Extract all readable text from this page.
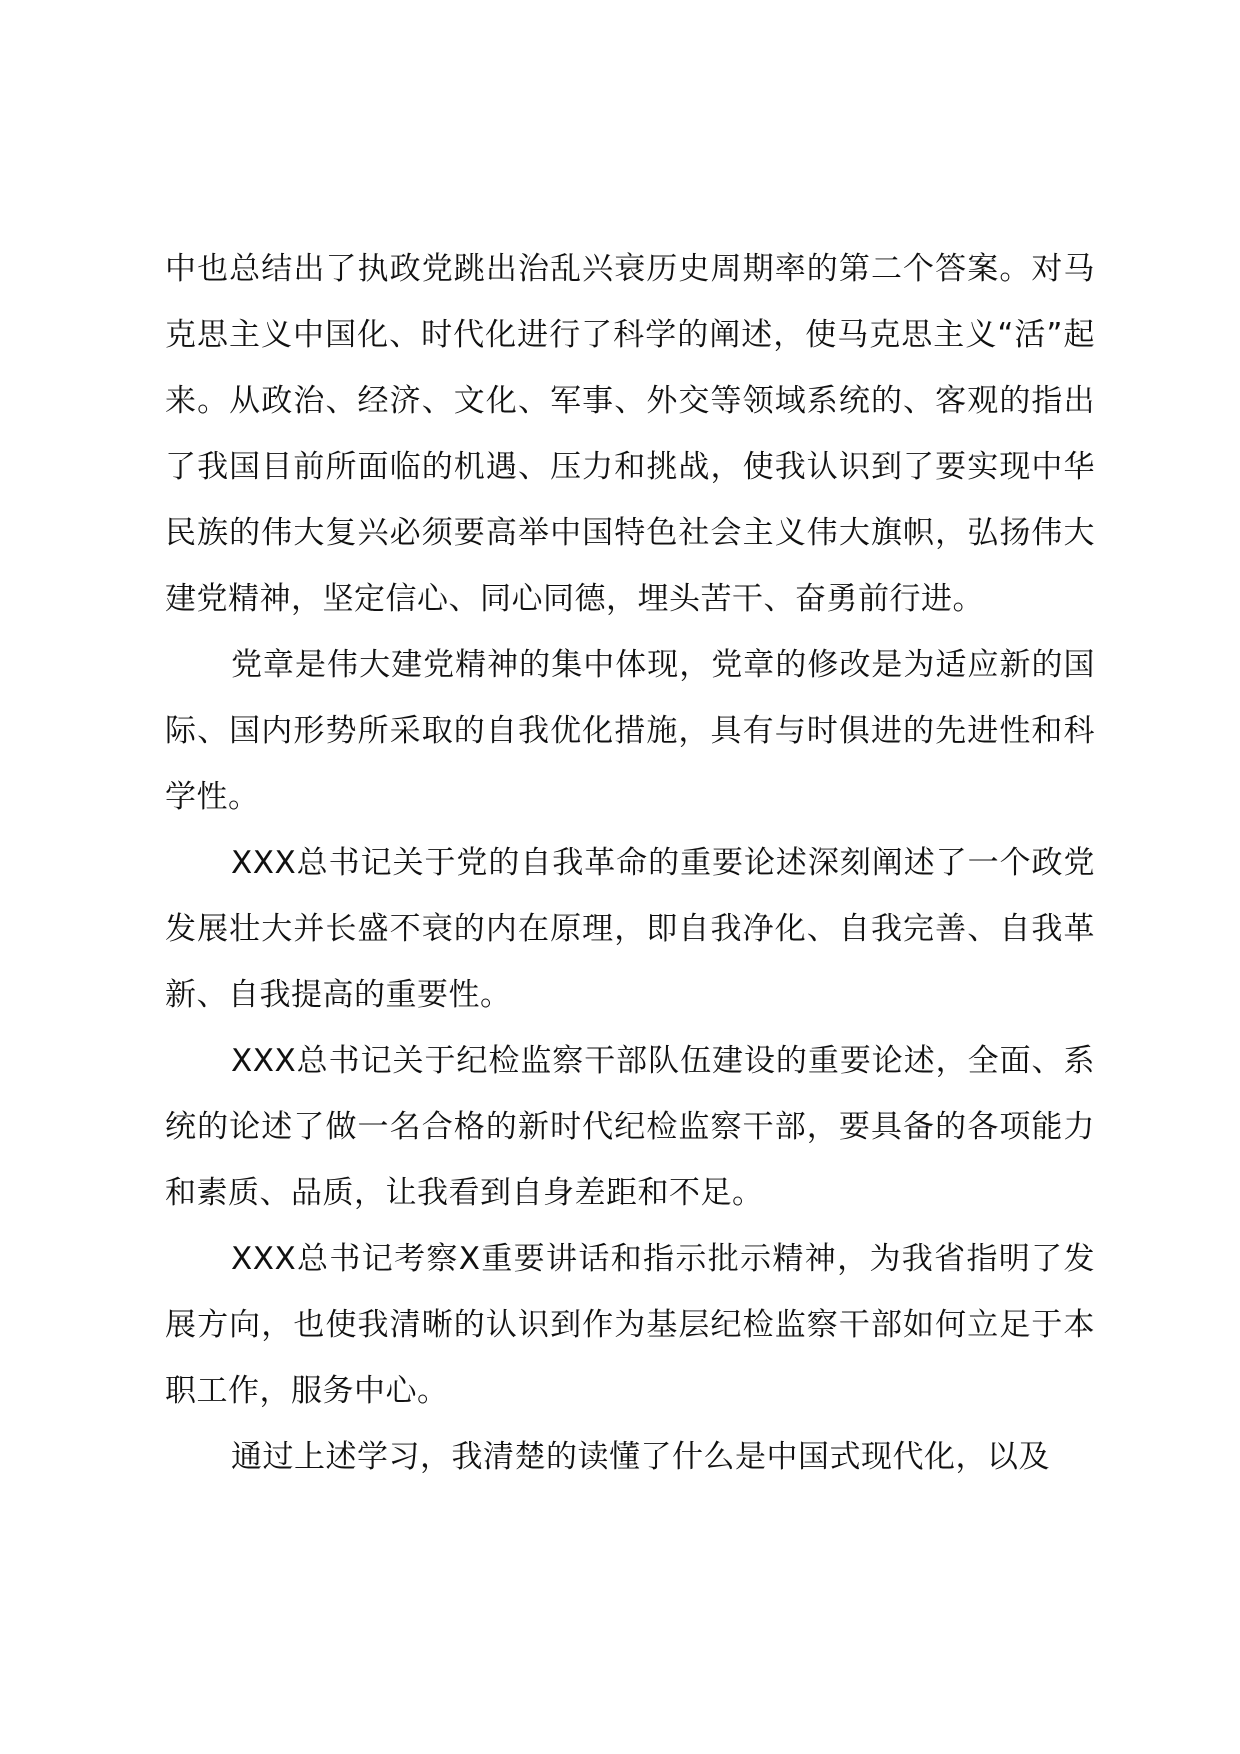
中也总结出了执政党跳出治乱兴衰历史周期率的第二个答案。对马克思主义中国化、时代化进行了科学的阐述，使马克思主义“活”起来。从政治、经济、文化、军事、外交等领域系统的、客观的指出了我国目前所面临的机遇、压力和挑战，使我认识到了要实现中华民族的伟大复兴必须要高举中国特色社会主义伟大旗帜，弘扬伟大建党精神，坚定信心、同心同德，埋头苦干、奋勇前行进。

党章是伟大建党精神的集中体现，党章的修改是为适应新的国际、国内形势所采取的自我优化措施，具有与时俱进的先进性和科学性。

XXX总书记关于党的自我革命的重要论述深刻阐述了一个政党发展壮大并长盛不衰的内在原理，即自我净化、自我完善、自我革新、自我提高的重要性。

XXX总书记关于纪检监察干部队伍建设的重要论述，全面、系统的论述了做一名合格的新时代纪检监察干部，要具备的各项能力和素质、品质，让我看到自身差距和不足。

XXX总书记考察X重要讲话和指示批示精神，为我省指明了发展方向，也使我清晰的认识到作为基层纪检监察干部如何立足于本职工作，服务中心。

通过上述学习，我清楚的读懂了什么是中国式现代化，以及
